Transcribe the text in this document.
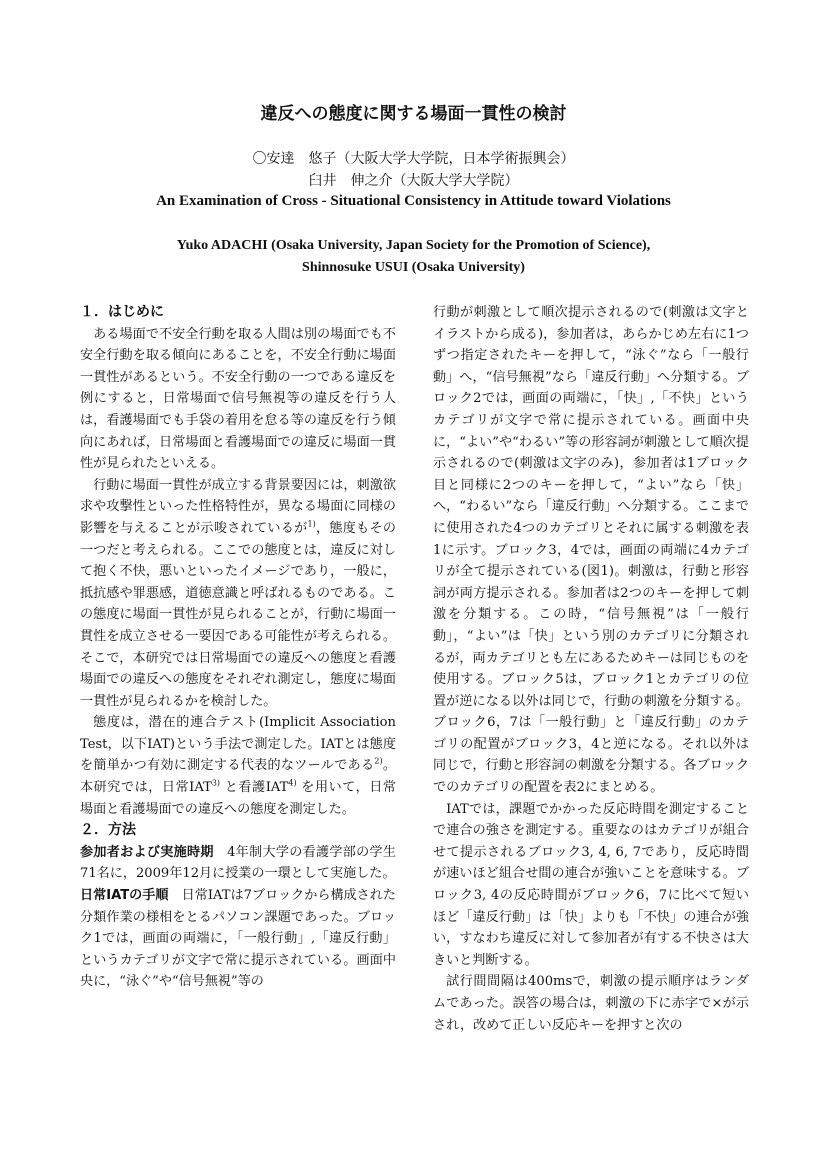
違反への態度に関する場面一貫性の検討
〇安達　悠子（大阪大学大学院，日本学術振興会）
臼井　伸之介（大阪大学大学院）
An Examination of Cross - Situational Consistency in Attitude toward Violations
Yuko ADACHI (Osaka University, Japan Society for the Promotion of Science),
Shinnosuke USUI (Osaka University)
１．はじめに

ある場面で不安全行動を取る人間は別の場面でも不安全行動を取る傾向にあることを，不安全行動に場面一貫性があるという。不安全行動の一つである違反を例にすると，日常場面で信号無視等の違反を行う人は，看護場面でも手袋の着用を怠る等の違反を行う傾向にあれば，日常場面と看護場面での違反に場面一貫性が見られたといえる。

行動に場面一貫性が成立する背景要因には，刺激欲求や攻撃性といった性格特性が，異なる場面に同様の影響を与えることが示唆されているが$^{1)}$，態度もその一つだと考えられる。ここでの態度とは，違反に対して抱く不快，悪いといったイメージであり，一般に，抵抗感や罪悪感，道徳意識と呼ばれるものである。この態度に場面一貫性が見られることが，行動に場面一貫性を成立させる一要因である可能性が考えられる。そこで，本研究では日常場面での違反への態度と看護場面での違反への態度をそれぞれ測定し，態度に場面一貫性が見られるかを検討した。

態度は，潜在的連合テスト(Implicit Association Test，以下IAT)という手法で測定した。IATとは態度を簡単かつ有効に測定する代表的なツールである$^{2)}$。本研究では，日常IAT$^{3)}$ と看護IAT$^{4)}$ を用いて，日常場面と看護場面での違反への態度を測定した。

２．方法

参加者および実施時期　4年制大学の看護学部の学生71名に，2009年12月に授業の一環として実施した。

日常IATの手順　日常IATは7ブロックから構成された分類作業の様相をとるパソコン課題であった。ブロック1では，画面の両端に，「一般行動」,「違反行動」というカテゴリが文字で常に提示されている。画面中央に，“泳ぐ”や“信号無視”等の

行動が刺激として順次提示されるので(刺激は文字とイラストから成る)，参加者は，あらかじめ左右に1つずつ指定されたキーを押して，“泳ぐ”なら「一般行動」へ，“信号無視”なら「違反行動」へ分類する。ブロック2では，画面の両端に，「快」,「不快」というカテゴリが文字で常に提示されている。画面中央に，“よい”や“わるい”等の形容詞が刺激として順次提示されるので(刺激は文字のみ)，参加者は1ブロック目と同様に2つのキーを押して，“よい”なら「快」へ，“わるい”なら「違反行動」へ分類する。ここまでに使用された4つのカテゴリとそれに属する刺激を表1に示す。ブロック3，4では，画面の両端に4カテゴリが全て提示されている(図1)。刺激は，行動と形容詞が両方提示される。参加者は2つのキーを押して刺激を分類する。この時，“信号無視”は「一般行動」，“よい”は「快」という別のカテゴリに分類されるが，両カテゴリとも左にあるためキーは同じものを使用する。ブロック5は，ブロック1とカテゴリの位置が逆になる以外は同じで，行動の刺激を分類する。ブロック6，7は「一般行動」と「違反行動」のカテゴリの配置がブロック3，4と逆になる。それ以外は同じで，行動と形容詞の刺激を分類する。各ブロックでのカテゴリの配置を表2にまとめる。

IATでは，課題でかかった反応時間を測定することで連合の強さを測定する。重要なのはカテゴリが組合せて提示されるブロック3, 4, 6, 7であり，反応時間が速いほど組合せ間の連合が強いことを意味する。ブロック3, 4の反応時間がブロック6，7に比べて短いほど「違反行動」は「快」よりも「不快」の連合が強い，すなわち違反に対して参加者が有する不快さは大きいと判断する。

試行間間隔は400msで，刺激の提示順序はランダムであった。誤答の場合は，刺激の下に赤字で×が示され，改めて正しい反応キーを押すと次の
